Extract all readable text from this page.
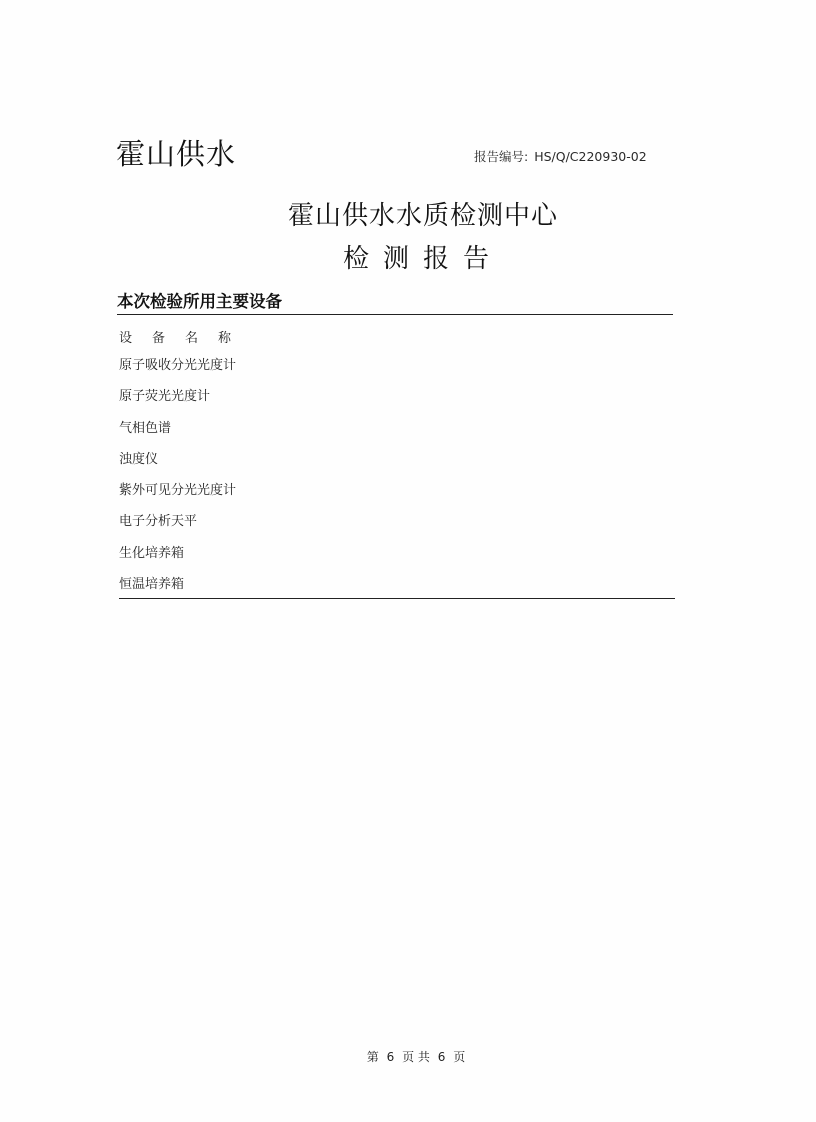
霍山供水	报告编号: HS/Q/C220930-02
霍山供水水质检测中心
检测报告
本次检验所用主要设备
设备名称
原子吸收分光光度计
原子荧光光度计
气相色谱
浊度仪
紫外可见分光光度计
电子分析天平
生化培养箱
恒温培养箱
第 6 页 共 6 页
